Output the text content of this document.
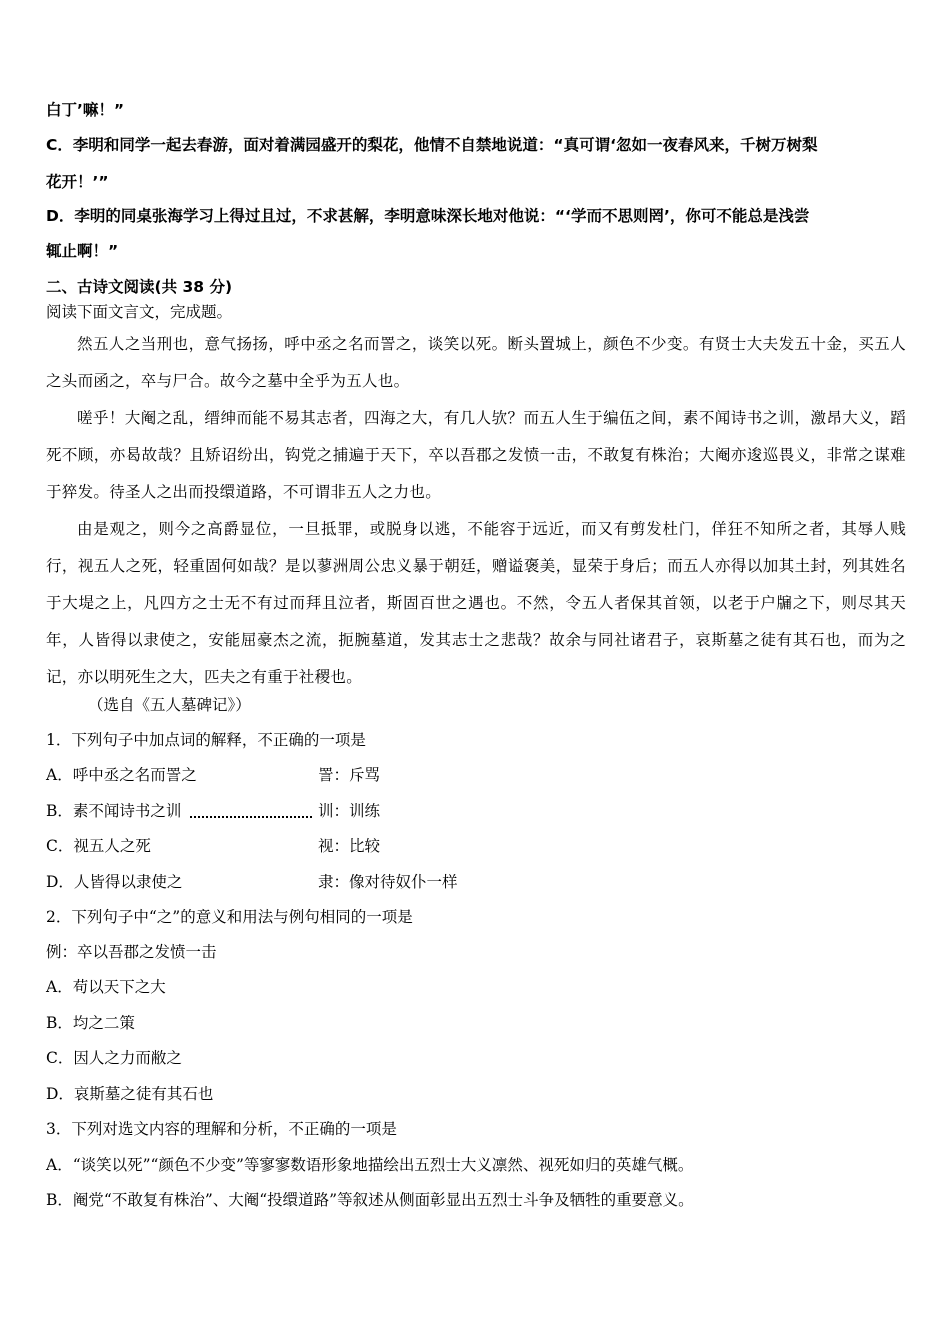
白丁’嘛！”
C．李明和同学一起去春游，面对着满园盛开的梨花，他情不自禁地说道：“真可谓‘忽如一夜春风来，千树万树梨
花开！’”
D．李明的同桌张海学习上得过且过，不求甚解，李明意味深长地对他说：“‘学而不思则罔’，你可不能总是浅尝
辄止啊！”
二、古诗文阅读(共 38 分)
阅读下面文言文，完成题。

然五人之当刑也，意气扬扬，呼中丞之名而詈之，谈笑以死。断头置城上，颜色不少变。有贤士大夫发五十金，买五人之头而函之，卒与尸合。故今之墓中全乎为五人也。

嗟乎！大阉之乱，缙绅而能不易其志者，四海之大，有几人欤？而五人生于编伍之间，素不闻诗书之训，激昂大义，蹈死不顾，亦曷故哉？且矫诏纷出，钩党之捕遍于天下，卒以吾郡之发愤一击，不敢复有株治；大阉亦逡巡畏义，非常之谋难于猝发。待圣人之出而投缳道路，不可谓非五人之力也。

由是观之，则今之高爵显位，一旦抵罪，或脱身以逃，不能容于远近，而又有剪发杜门，佯狂不知所之者，其辱人贱行，视五人之死，轻重固何如哉？是以蓼洲周公忠义暴于朝廷，赠谥褒美，显荣于身后；而五人亦得以加其土封，列其姓名于大堤之上，凡四方之士无不有过而拜且泣者，斯固百世之遇也。不然，令五人者保其首领，以老于户牖之下，则尽其天年，人皆得以隶使之，安能屈豪杰之流，扼腕墓道，发其志士之悲哉？故余与同社诸君子，哀斯墓之徒有其石也，而为之记，亦以明死生之大，匹夫之有重于社稷也。

（选自《五人墓碑记》）
1．下列句子中加点词的解释，不正确的一项是
A．呼中丞之名而詈之	詈：斥骂
B．素不闻诗书之训	训：训练
C．视五人之死	视：比较
D．人皆得以隶使之	隶：像对待奴仆一样
2．下列句子中“之”的意义和用法与例句相同的一项是
例：卒以吾郡之发愤一击
A．苟以天下之大
B．均之二策
C．因人之力而敝之
D．哀斯墓之徒有其石也
3．下列对选文内容的理解和分析，不正确的一项是
A．“谈笑以死”“颜色不少变”等寥寥数语形象地描绘出五烈士大义凛然、视死如归的英雄气概。
B．阉党“不敢复有株治”、大阉“投缳道路”等叙述从侧面彰显出五烈士斗争及牺牲的重要意义。
